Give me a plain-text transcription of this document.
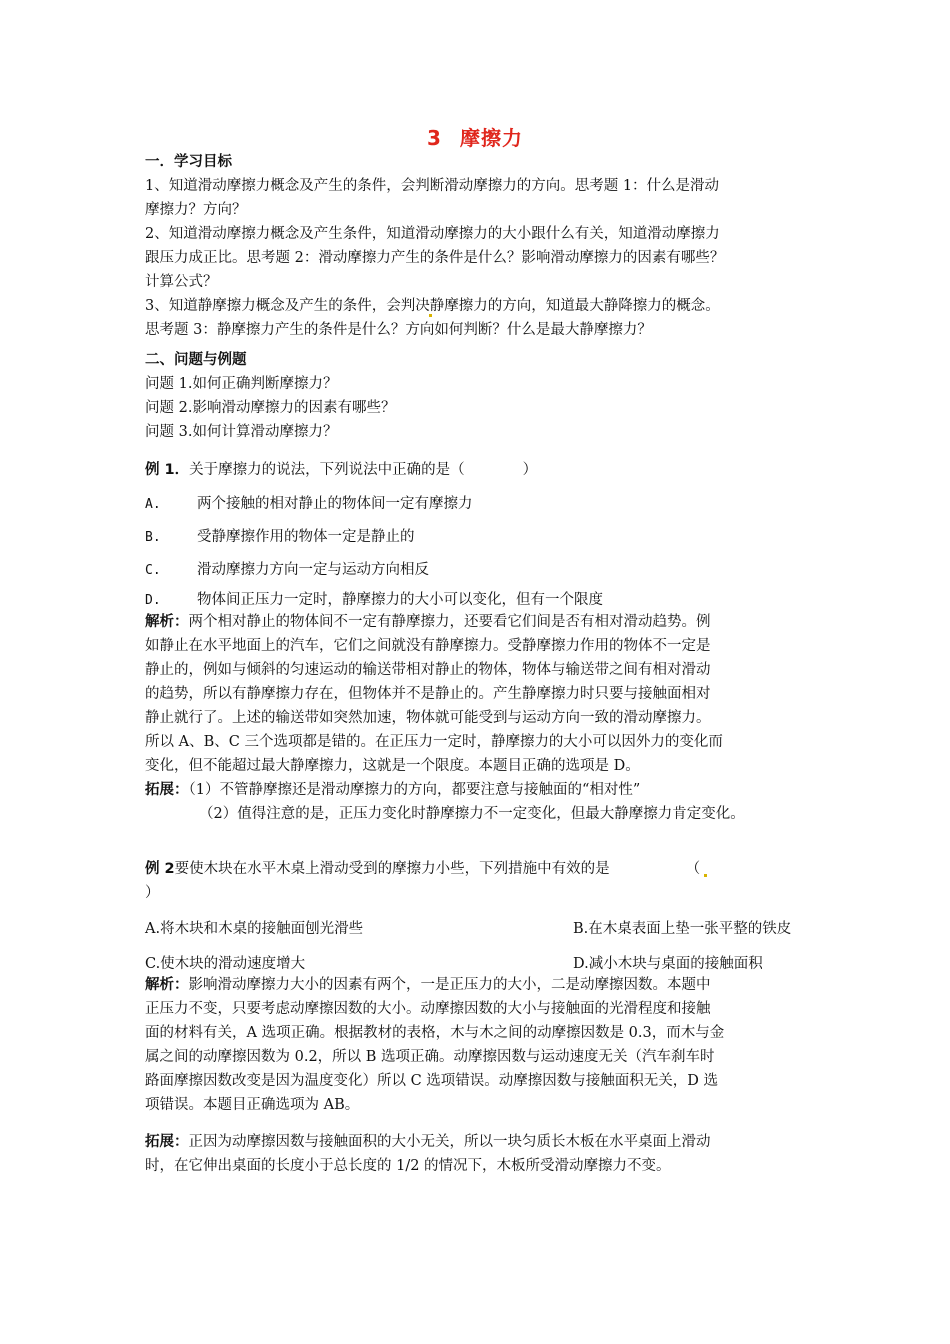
3 摩擦力

一．学习目标

1、知道滑动摩擦力概念及产生的条件，会判断滑动摩擦力的方向。思考题 1：什么是滑动

摩擦力？方向？

2、知道滑动摩擦力概念及产生条件，知道滑动摩擦力的大小跟什么有关，知道滑动摩擦力

跟压力成正比。思考题 2：滑动摩擦力产生的条件是什么？影响滑动摩擦力的因素有哪些？

计算公式？

3、知道静摩擦力概念及产生的条件，会判决静摩擦力的方向，知道最大静降擦力的概念。

思考题 3：静摩擦力产生的条件是什么？方向如何判断？什么是最大静摩擦力？

二、问题与例题

问题 1.如何正确判断摩擦力？

问题 2.影响滑动摩擦力的因素有哪些？

问题 3.如何计算滑动摩擦力？

例 1．关于摩擦力的说法，下列说法中正确的是（　　　　）

A.	两个接触的相对静止的物体间一定有摩擦力
B.	受静摩擦作用的物体一定是静止的
C.	滑动摩擦力方向一定与运动方向相反
D.	物体间正压力一定时，静摩擦力的大小可以变化，但有一个限度

解析：两个相对静止的物体间不一定有静摩擦力，还要看它们间是否有相对滑动趋势。例

如静止在水平地面上的汽车，它们之间就没有静摩擦力。受静摩擦力作用的物体不一定是

静止的，例如与倾斜的匀速运动的输送带相对静止的物体，物体与输送带之间有相对滑动

的趋势，所以有静摩擦力存在，但物体并不是静止的。产生静摩擦力时只要与接触面相对

静止就行了。上述的输送带如突然加速，物体就可能受到与运动方向一致的滑动摩擦力。

所以 A、B、C 三个选项都是错的。在正压力一定时，静摩擦力的大小可以因外力的变化而

变化，但不能超过最大静摩擦力，这就是一个限度。本题目正确的选项是 D。

拓展：（1）不管静摩擦还是滑动摩擦力的方向，都要注意与接触面的“相对性”

（2）值得注意的是，正压力变化时静摩擦力不一定变化，但最大静摩擦力肯定变化。

例 2要使木块在水平木桌上滑动受到的摩擦力小些，下列措施中有效的是	（

）

A.将木块和木桌的接触面刨光滑些	B.在木桌表面上垫一张平整的铁皮
C.使木块的滑动速度增大	D.减小木块与桌面的接触面积

解析：影响滑动摩擦力大小的因素有两个，一是正压力的大小，二是动摩擦因数。本题中

正压力不变，只要考虑动摩擦因数的大小。动摩擦因数的大小与接触面的光滑程度和接触

面的材料有关，A 选项正确。根据教材的表格，木与木之间的动摩擦因数是 0.3，而木与金

属之间的动摩擦因数为 0.2，所以 B 选项正确。动摩擦因数与运动速度无关（汽车刹车时

路面摩擦因数改变是因为温度变化）所以 C 选项错误。动摩擦因数与接触面积无关，D 选

项错误。本题目正确选项为 AB。

拓展：正因为动摩擦因数与接触面积的大小无关，所以一块匀质长木板在水平桌面上滑动

时，在它伸出桌面的长度小于总长度的 1/2 的情况下，木板所受滑动摩擦力不变。
